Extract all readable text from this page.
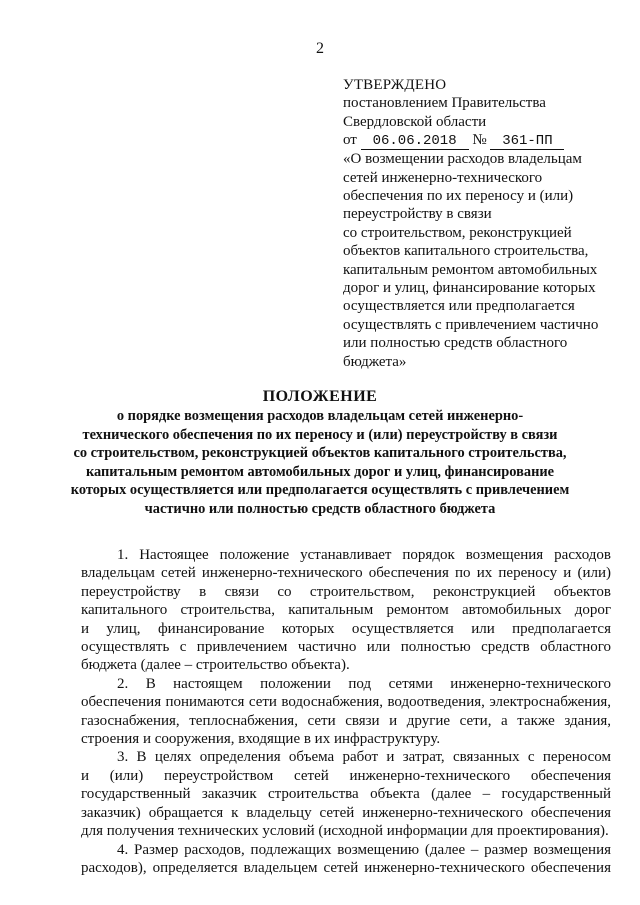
2
УТВЕРЖДЕНО
постановлением Правительства
Свердловской области
от 06.06.2018 № 361-ПП
«О возмещении расходов владельцам
сетей инженерно-технического
обеспечения по их переносу и (или)
переустройству в связи
со строительством, реконструкцией
объектов капитального строительства,
капитальным ремонтом автомобильных
дорог и улиц, финансирование которых
осуществляется или предполагается
осуществлять с привлечением частично
или полностью средств областного
бюджета»
ПОЛОЖЕНИЕ
о порядке возмещения расходов владельцам сетей инженерно-
технического обеспечения по их переносу и (или) переустройству в связи
со строительством, реконструкцией объектов капитального строительства,
капитальным ремонтом автомобильных дорог и улиц, финансирование
которых осуществляется или предполагается осуществлять с привлечением
частично или полностью средств областного бюджета
1. Настоящее положение устанавливает порядок возмещения расходов
владельцам сетей инженерно-технического обеспечения по их переносу и (или)
переустройству в связи со строительством, реконструкцией объектов
капитального строительства, капитальным ремонтом автомобильных дорог
и улиц, финансирование которых осуществляется или предполагается
осуществлять с привлечением частично или полностью средств областного
бюджета (далее – строительство объекта).
2. В настоящем положении под сетями инженерно-технического
обеспечения понимаются сети водоснабжения, водоотведения, электроснабжения,
газоснабжения, теплоснабжения, сети связи и другие сети, а также здания,
строения и сооружения, входящие в их инфраструктуру.
3. В целях определения объема работ и затрат, связанных с переносом
и (или) переустройством сетей инженерно-технического обеспечения
государственный заказчик строительства объекта (далее – государственный
заказчик) обращается к владельцу сетей инженерно-технического обеспечения
для получения технических условий (исходной информации для проектирования).
4. Размер расходов, подлежащих возмещению (далее – размер возмещения
расходов), определяется владельцем сетей инженерно-технического обеспечения
